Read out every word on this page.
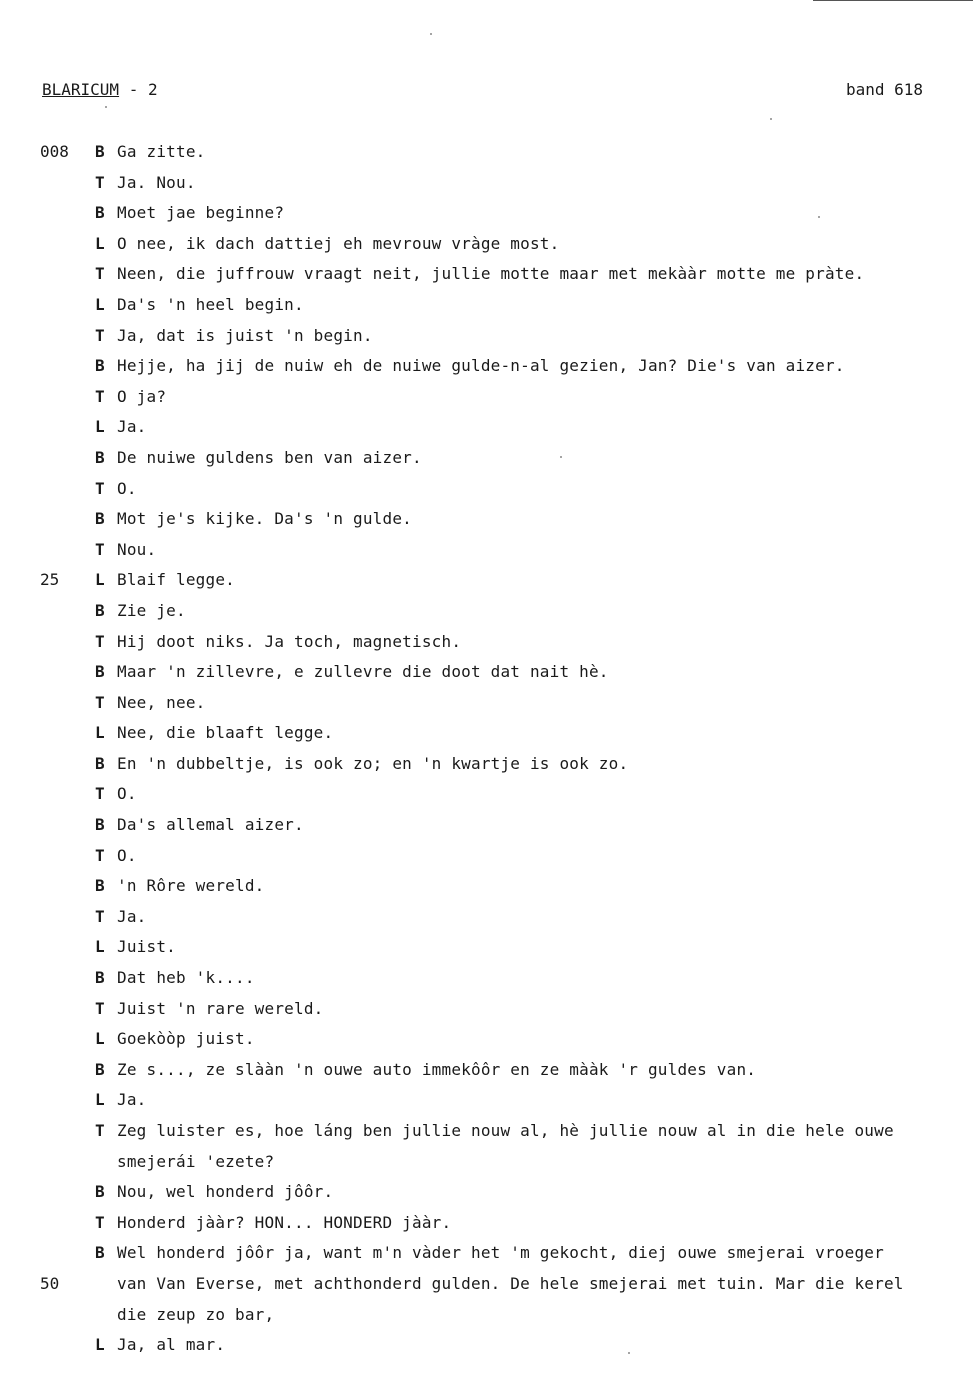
BLARICUM - 2	band 618
008	B Ga zitte.
T Ja. Nou.
B Moet jae beginne?
L O nee, ik dach dattiej eh mevrouw vràge most.
T Neen, die juffrouw vraagt neit, jullie motte maar met mekààr motte me pràte.
L Da's 'n heel begin.
T Ja, dat is juist 'n begin.
B Hejje, ha jij de nuiw eh de nuiwe gulde-n-al gezien, Jan? Die's van aizer.
T O ja?
L Ja.
B De nuiwe guldens ben van aizer.
T O.
B Mot je's kijke. Da's 'n gulde.
T Nou.
25	L Blaif legge.
B Zie je.
T Hij doot niks. Ja toch, magnetisch.
B Maar 'n zillevre, e zullevre die doot dat nait hè.
T Nee, nee.
L Nee, die blaaft legge.
B En 'n dubbeltje, is ook zo; en 'n kwartje is ook zo.
T O.
B Da's allemal aizer.
T O.
B 'n Rôre wereld.
T Ja.
L Juist.
B Dat heb 'k....
T Juist 'n rare wereld.
L Goekòòp juist.
B Ze s..., ze slààn 'n ouwe auto immekôôr en ze mààk 'r guldes van.
L Ja.
T Zeg luister es, hoe láng ben jullie nouw al, hè jullie nouw al in die hele ouwe
smejerái 'ezete?
B Nou, wel honderd jôôr.
T Honderd jààr? HON... HONDERD jààr.
B Wel honderd jôôr ja, want m'n vàder het 'm gekocht, diej ouwe smejerai vroeger
50	van Van Everse, met achthonderd gulden. De hele smejerai met tuin. Mar die kerel
die zeup zo bar,
L Ja, al mar.
